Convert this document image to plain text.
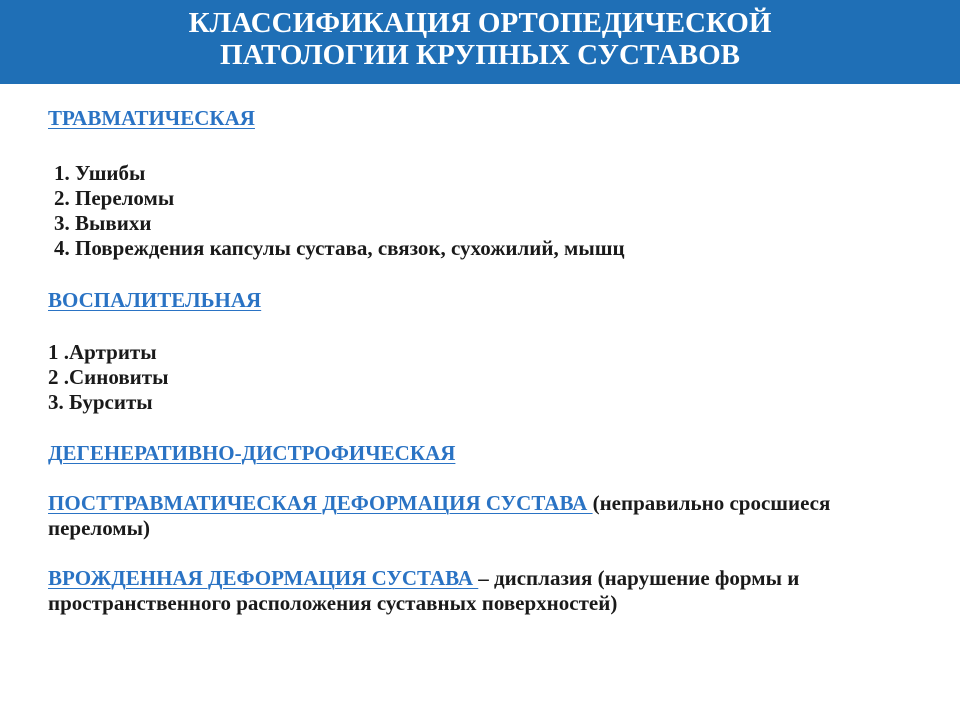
КЛАССИФИКАЦИЯ ОРТОПЕДИЧЕСКОЙ
ПАТОЛОГИИ КРУПНЫХ СУСТАВОВ
ТРАВМАТИЧЕСКАЯ
1. Ушибы
2. Переломы
3. Вывихи
4. Повреждения капсулы сустава, связок, сухожилий, мышц
ВОСПАЛИТЕЛЬНАЯ
1 .Артриты
2 .Синовиты
3. Бурситы
ДЕГЕНЕРАТИВНО-ДИСТРОФИЧЕСКАЯ
ПОСТТРАВМАТИЧЕСКАЯ ДЕФОРМАЦИЯ СУСТАВА (неправильно сросшиеся переломы)
ВРОЖДЕННАЯ ДЕФОРМАЦИЯ СУСТАВА – дисплазия (нарушение формы и пространственного расположения суставных поверхностей)
